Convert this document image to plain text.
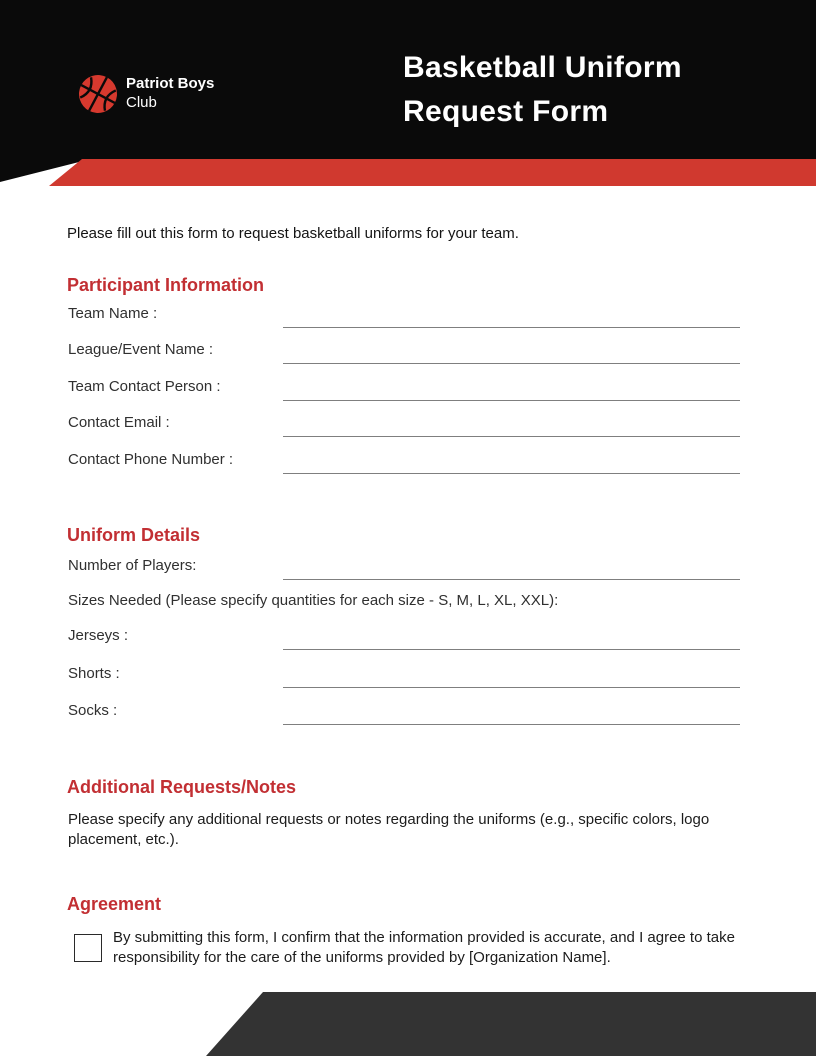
Patriot Boys
Club
Basketball Uniform
Request Form
Please fill out this form to request basketball uniforms for your team.
Participant Information
Team Name :
League/Event Name :
Team Contact Person :
Contact Email :
Contact Phone Number :
Uniform Details
Number of Players:
Sizes Needed (Please specify quantities for each size - S, M, L, XL, XXL):
Jerseys :
Shorts :
Socks :
Additional Requests/Notes
Please specify any additional requests or notes regarding the uniforms (e.g., specific colors, logo placement, etc.).
Agreement
By submitting this form, I confirm that the information provided is accurate, and I agree to take responsibility for the care of the uniforms provided by [Organization Name].
